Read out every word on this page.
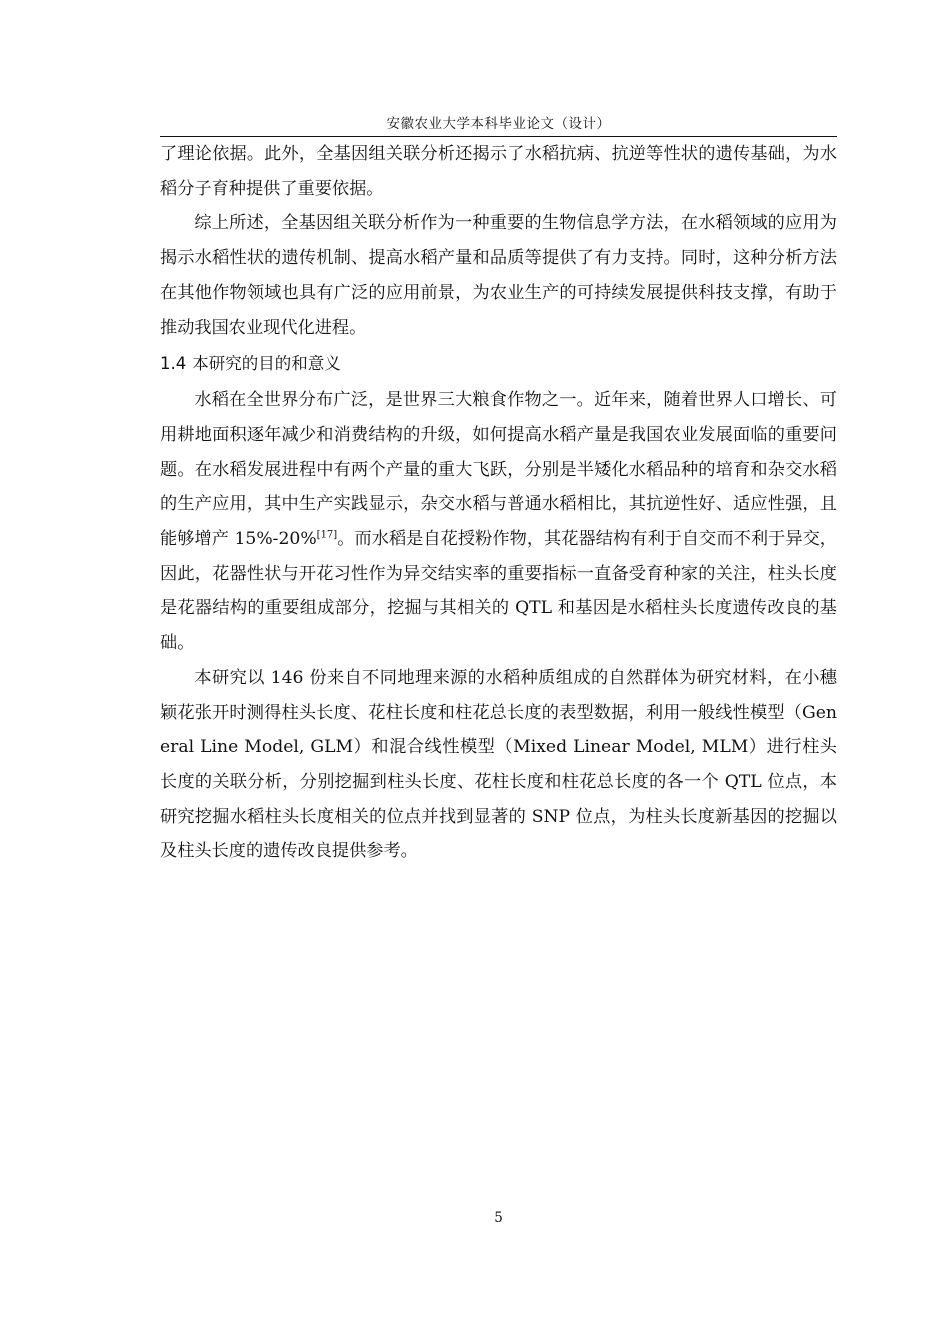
安徽农业大学本科毕业论文（设计）

了理论依据。此外，全基因组关联分析还揭示了水稻抗病、抗逆等性状的遗传基础，为水稻分子育种提供了重要依据。

综上所述，全基因组关联分析作为一种重要的生物信息学方法，在水稻领域的应用为揭示水稻性状的遗传机制、提高水稻产量和品质等提供了有力支持。同时，这种分析方法在其他作物领域也具有广泛的应用前景，为农业生产的可持续发展提供科技支撑，有助于推动我国农业现代化进程。

1.4 本研究的目的和意义

水稻在全世界分布广泛，是世界三大粮食作物之一。近年来，随着世界人口增长、可用耕地面积逐年减少和消费结构的升级，如何提高水稻产量是我国农业发展面临的重要问题。在水稻发展进程中有两个产量的重大飞跃，分别是半矮化水稻品种的培育和杂交水稻的生产应用，其中生产实践显示，杂交水稻与普通水稻相比，其抗逆性好、适应性强，且能够增产 15%-20%[17]。而水稻是自花授粉作物，其花器结构有利于自交而不利于异交，因此，花器性状与开花习性作为异交结实率的重要指标一直备受育种家的关注，柱头长度是花器结构的重要组成部分，挖掘与其相关的 QTL 和基因是水稻柱头长度遗传改良的基础。

本研究以 146 份来自不同地理来源的水稻种质组成的自然群体为研究材料，在小穗颖花张开时测得柱头长度、花柱长度和柱花总长度的表型数据，利用一般线性模型（General Line Model, GLM）和混合线性模型（Mixed Linear Model, MLM）进行柱头长度的关联分析，分别挖掘到柱头长度、花柱长度和柱花总长度的各一个 QTL 位点，本研究挖掘水稻柱头长度相关的位点并找到显著的 SNP 位点，为柱头长度新基因的挖掘以及柱头长度的遗传改良提供参考。

5
